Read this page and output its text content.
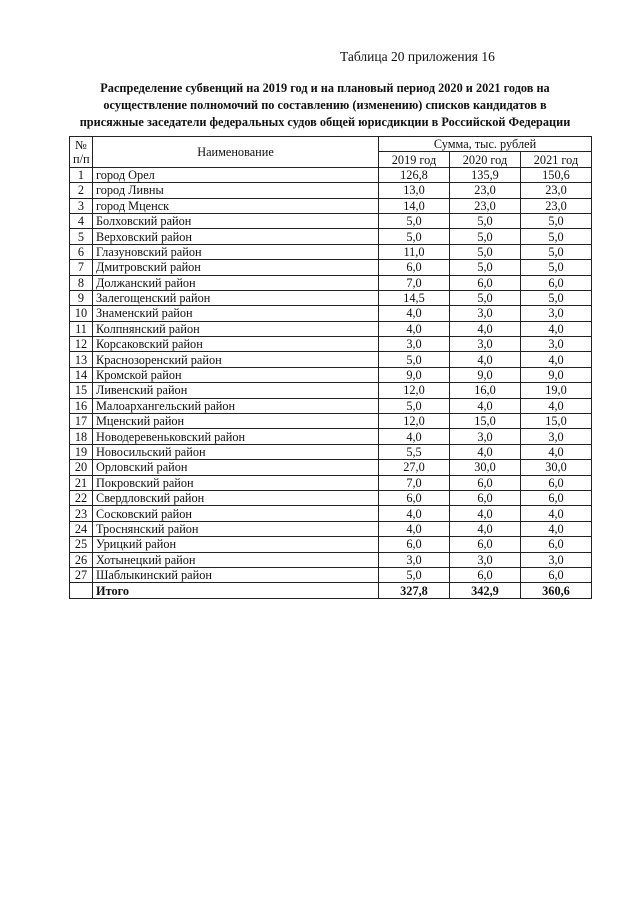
Таблица 20 приложения 16
Распределение субвенций на 2019 год и на плановый период 2020 и 2021 годов на
осуществление полномочий по составлению (изменению) списков кандидатов в
присяжные заседатели федеральных судов общей юрисдикции в Российской Федерации
№
п/п	Наименование	Сумма, тыс. рублей		
		2019 год	2020 год	2021 год
1	город Орел	126,8	135,9	150,6
2	город Ливны	13,0	23,0	23,0
3	город Мценск	14,0	23,0	23,0
4	Болховский район	5,0	5,0	5,0
5	Верховский район	5,0	5,0	5,0
6	Глазуновский район	11,0	5,0	5,0
7	Дмитровский район	6,0	5,0	5,0
8	Должанский район	7,0	6,0	6,0
9	Залегощенский район	14,5	5,0	5,0
10	Знаменский район	4,0	3,0	3,0
11	Колпнянский район	4,0	4,0	4,0
12	Корсаковский район	3,0	3,0	3,0
13	Краснозоренский район	5,0	4,0	4,0
14	Кромской район	9,0	9,0	9,0
15	Ливенский район	12,0	16,0	19,0
16	Малоархангельский район	5,0	4,0	4,0
17	Мценский район	12,0	15,0	15,0
18	Новодеревеньковский район	4,0	3,0	3,0
19	Новосильский район	5,5	4,0	4,0
20	Орловский район	27,0	30,0	30,0
21	Покровский район	7,0	6,0	6,0
22	Свердловский район	6,0	6,0	6,0
23	Сосковский район	4,0	4,0	4,0
24	Троснянский район	4,0	4,0	4,0
25	Урицкий район	6,0	6,0	6,0
26	Хотынецкий район	3,0	3,0	3,0
27	Шаблыкинский район	5,0	6,0	6,0
	Итого	327,8	342,9	360,6
